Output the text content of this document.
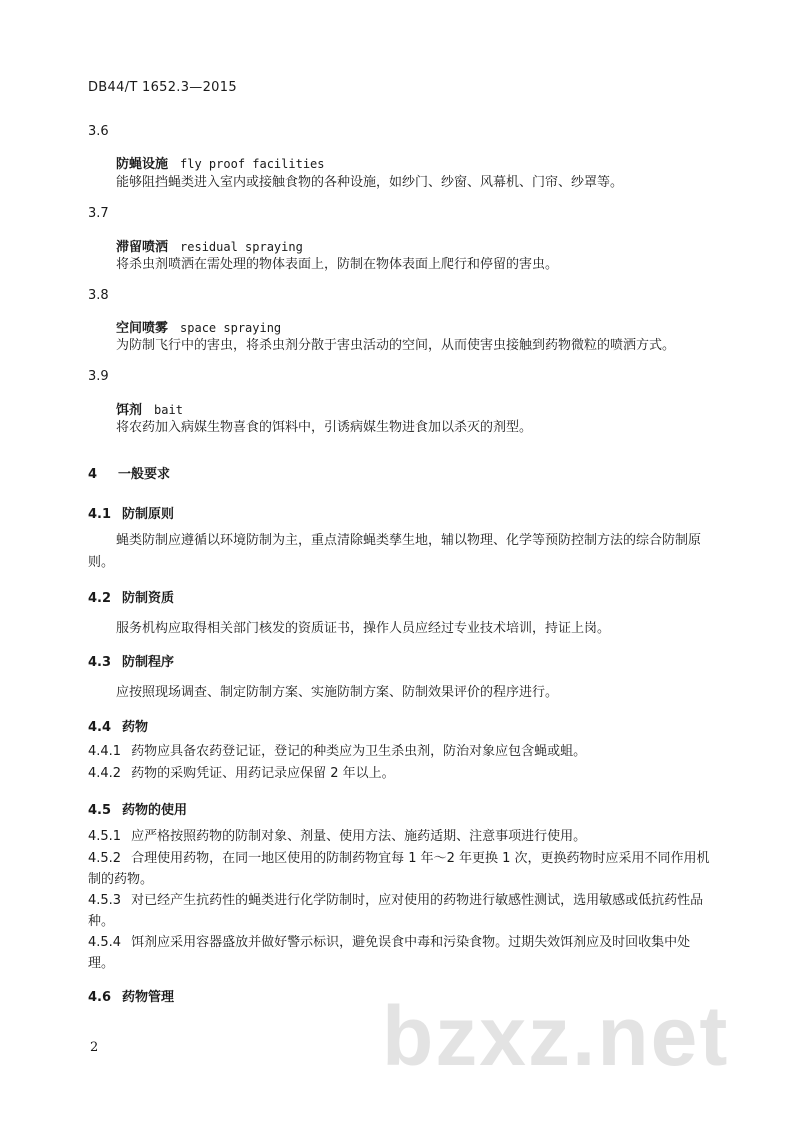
DB44/T 1652.3—2015
3.6
防蝇设施 fly proof facilities
能够阻挡蝇类进入室内或接触食物的各种设施，如纱门、纱窗、风幕机、门帘、纱罩等。
3.7
滞留喷洒 residual spraying
将杀虫剂喷洒在需处理的物体表面上，防制在物体表面上爬行和停留的害虫。
3.8
空间喷雾 space spraying
为防制飞行中的害虫，将杀虫剂分散于害虫活动的空间，从而使害虫接触到药物微粒的喷洒方式。
3.9
饵剂 bait
将农药加入病媒生物喜食的饵料中，引诱病媒生物进食加以杀灭的剂型。
4 一般要求
4.1 防制原则
蝇类防制应遵循以环境防制为主，重点清除蝇类孳生地，辅以物理、化学等预防控制方法的综合防制原则。
4.2 防制资质
服务机构应取得相关部门核发的资质证书，操作人员应经过专业技术培训，持证上岗。
4.3 防制程序
应按照现场调查、制定防制方案、实施防制方案、防制效果评价的程序进行。
4.4 药物
4.4.1 药物应具备农药登记证，登记的种类应为卫生杀虫剂，防治对象应包含蝇或蛆。
4.4.2 药物的采购凭证、用药记录应保留 2 年以上。
4.5 药物的使用
4.5.1 应严格按照药物的防制对象、剂量、使用方法、施药适期、注意事项进行使用。
4.5.2 合理使用药物，在同一地区使用的防制药物宜每 1 年～2 年更换 1 次，更换药物时应采用不同作用机制的药物。
4.5.3 对已经产生抗药性的蝇类进行化学防制时，应对使用的药物进行敏感性测试，选用敏感或低抗药性品种。
4.5.4 饵剂应采用容器盛放并做好警示标识，避免误食中毒和污染食物。过期失效饵剂应及时回收集中处理。
4.6 药物管理 bzxz.net
2
